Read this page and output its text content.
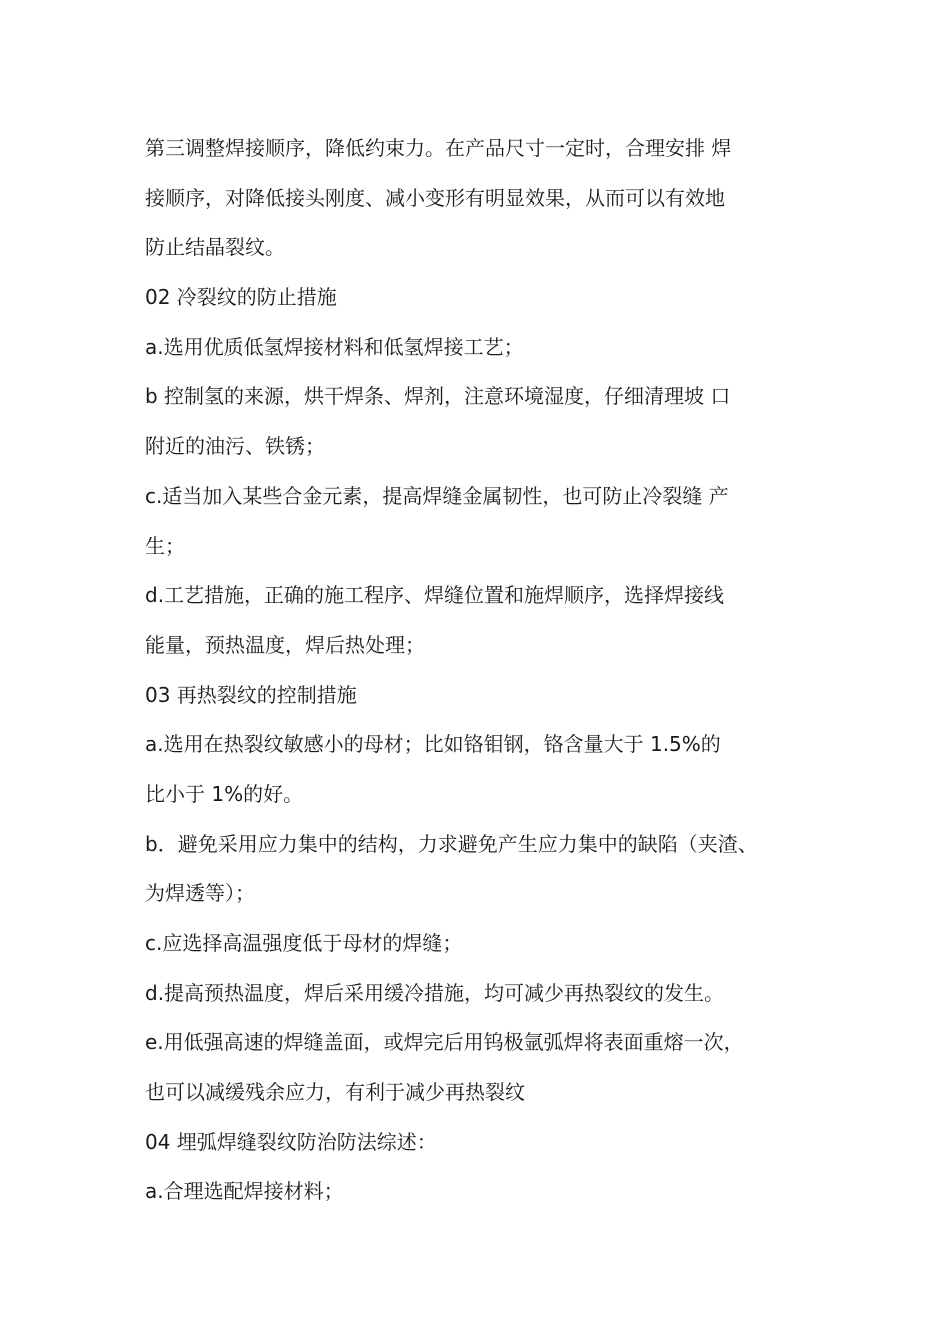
第三调整焊接顺序，降低约束力。在产品尺寸一定时，合理安排 焊
接顺序，对降低接头刚度、减小变形有明显效果，从而可以有效地
防止结晶裂纹。
02 冷裂纹的防止措施
a.选用优质低氢焊接材料和低氢焊接工艺；
b 控制氢的来源，烘干焊条、焊剂，注意环境湿度，仔细清理坡 口
附近的油污、铁锈；
c.适当加入某些合金元素，提高焊缝金属韧性，也可防止冷裂缝 产
生；
d.工艺措施，正确的施工程序、焊缝位置和施焊顺序，选择焊接线
能量，预热温度，焊后热处理；
03 再热裂纹的控制措施
a.选用在热裂纹敏感小的母材；比如铬钼钢，铬含量大于 1.5%的
比小于 1%的好。
b．避免采用应力集中的结构，力求避免产生应力集中的缺陷（夹渣、
为焊透等）；
c.应选择高温强度低于母材的焊缝；
d.提高预热温度，焊后采用缓冷措施，均可减少再热裂纹的发生。
e.用低强高速的焊缝盖面，或焊完后用钨极氩弧焊将表面重熔一次，
也可以减缓残余应力，有利于减少再热裂纹
04 埋弧焊缝裂纹防治防法综述：
a.合理选配焊接材料；
